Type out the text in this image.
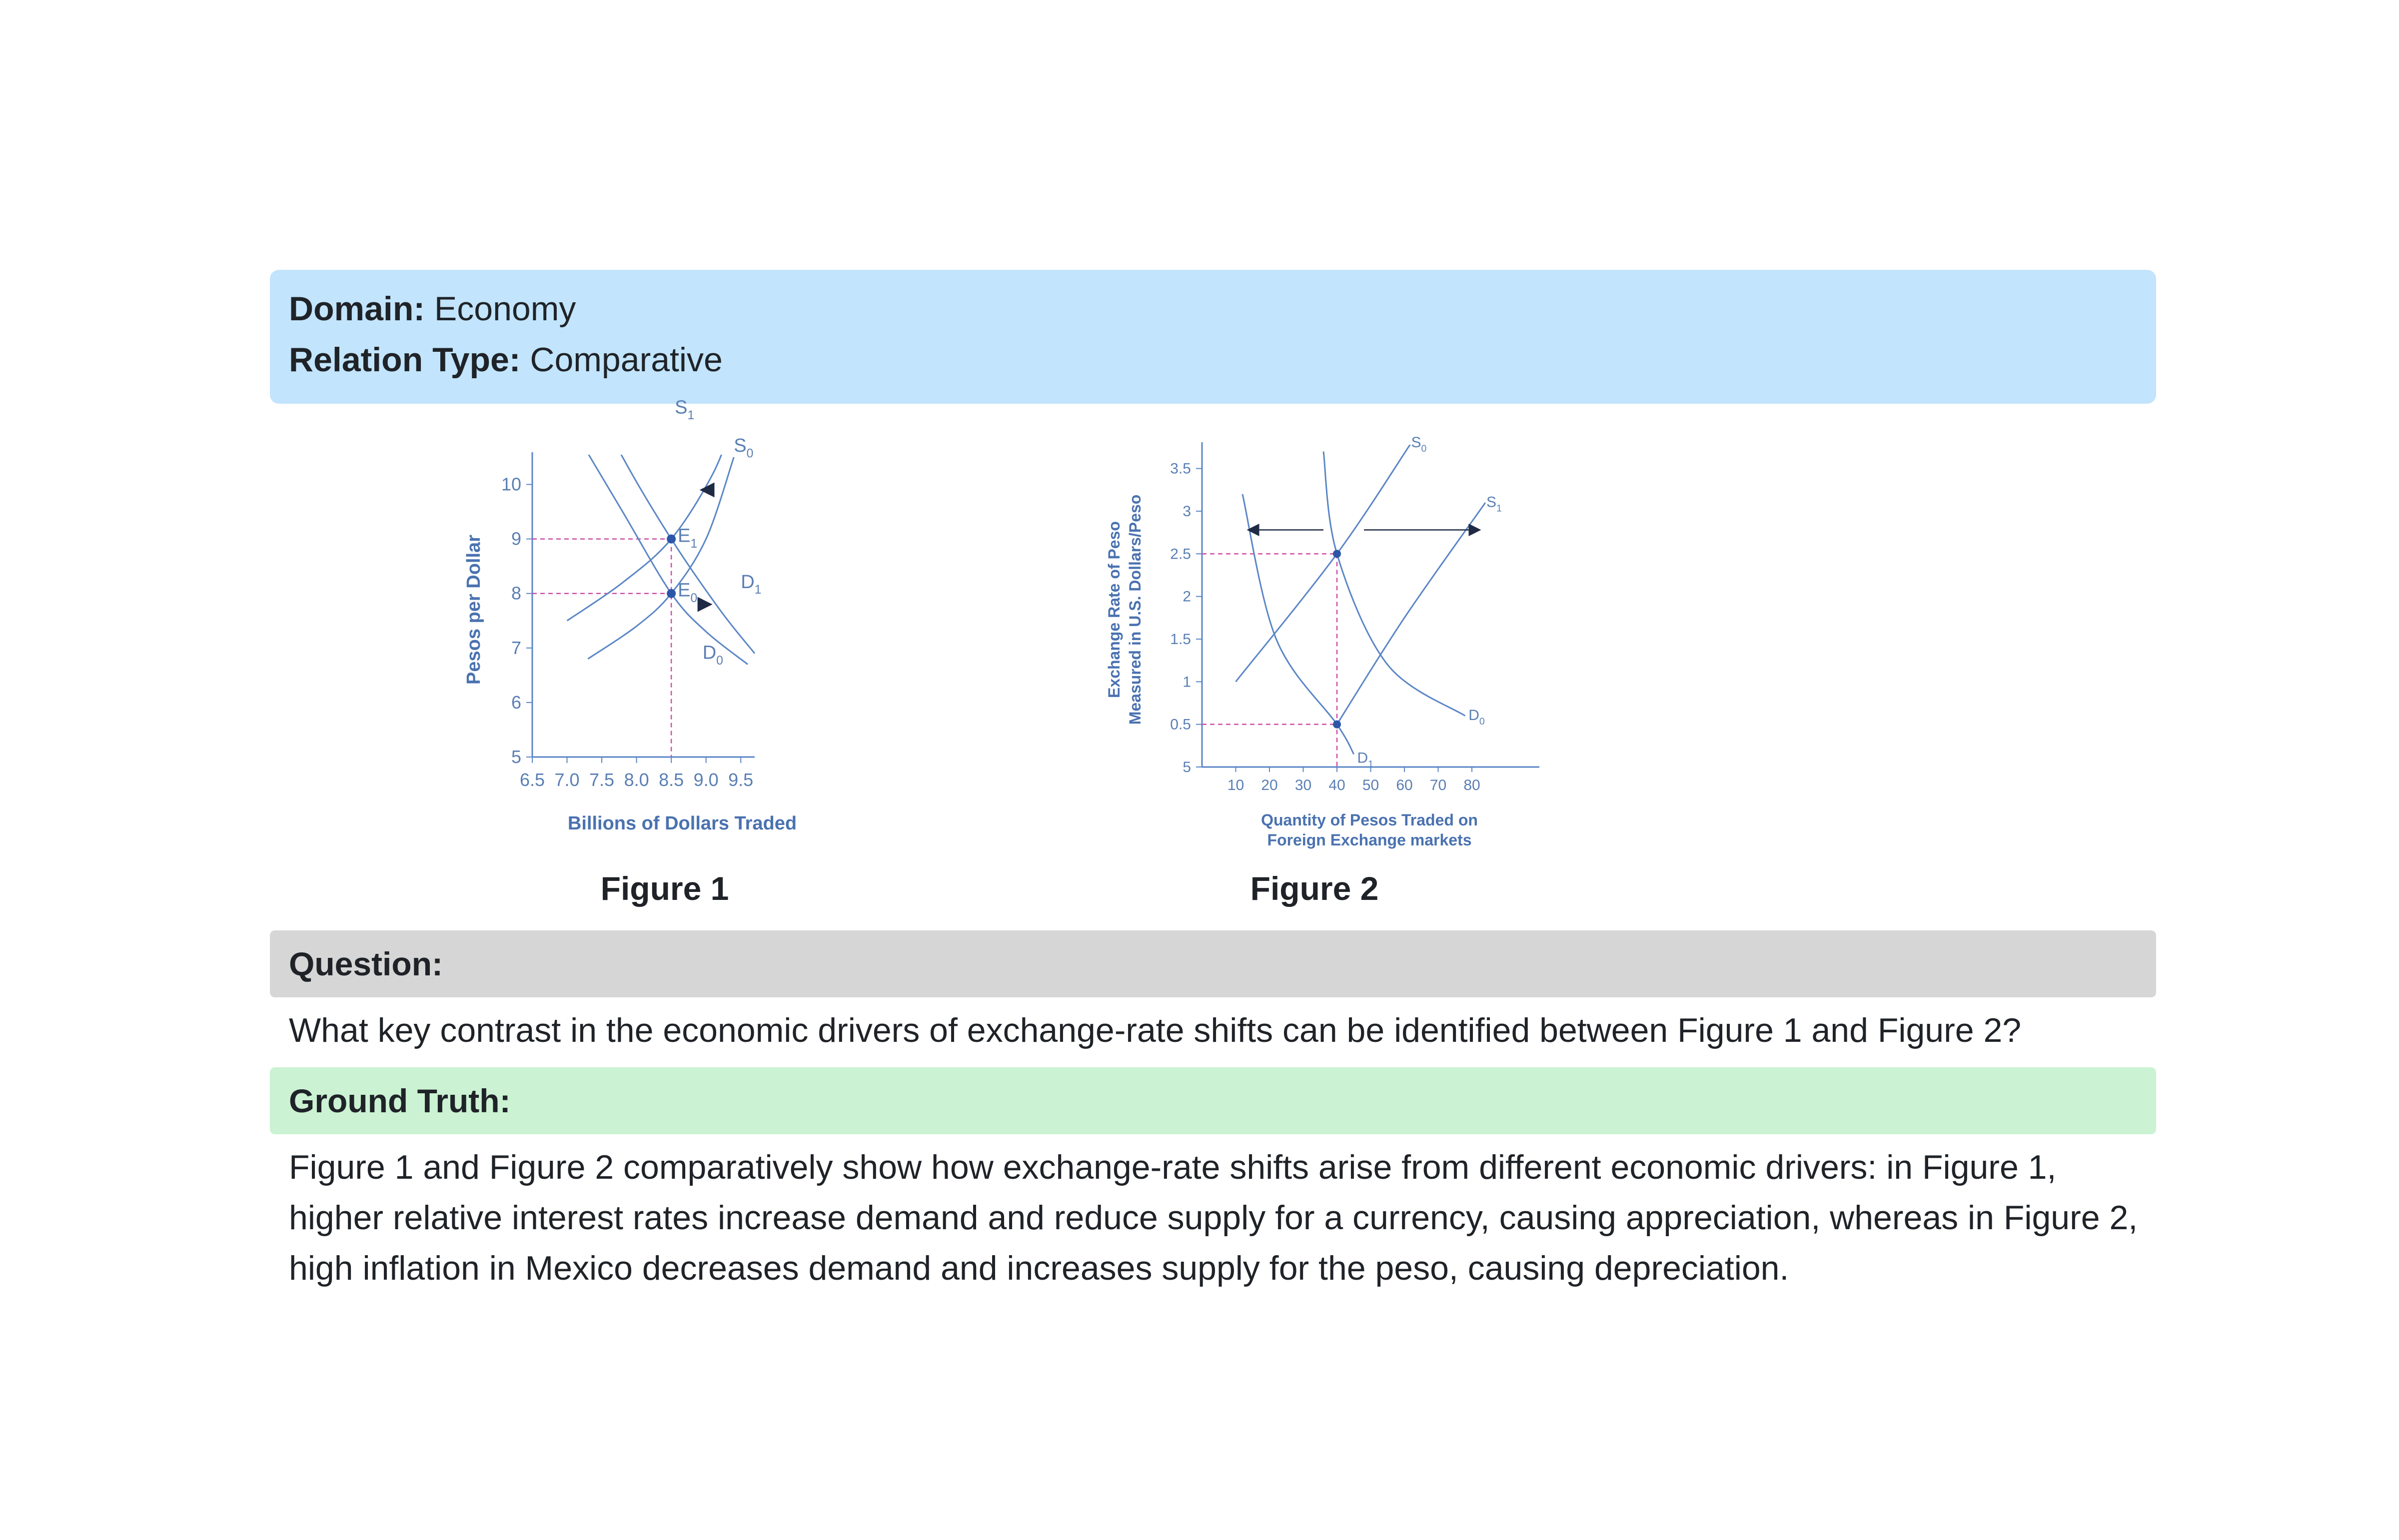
Domain: Economy
Relation Type: Comparative
6.5 7.0 7.5 8.0 8.5 9.0 9.5
5
6
7
8
9
10
$S_1$
$S_0$
$D_1$
$D_0$
$E_1$
$E_0$
Pesos per Dollar
Billions of Dollars Traded
Figure 1
10 20 30 40 50 60 70 80
5
0.5
1
1.5
2
2.5
3
3.5
$S_0$
$S_1$
$D_0$
$D_1$
Exchange Rate of Peso Measured in U.S. Dollars/Peso
Quantity of Pesos Traded on
Foreign Exchange markets
Figure 2
Question:
What key contrast in the economic drivers of exchange-rate shifts can be identified between Figure 1 and Figure 2?
Ground Truth:
Figure 1 and Figure 2 comparatively show how exchange-rate shifts arise from different economic drivers: in Figure 1, higher relative interest rates increase demand and reduce supply for a currency, causing appreciation, whereas in Figure 2, high inflation in Mexico decreases demand and increases supply for the peso, causing depreciation.
